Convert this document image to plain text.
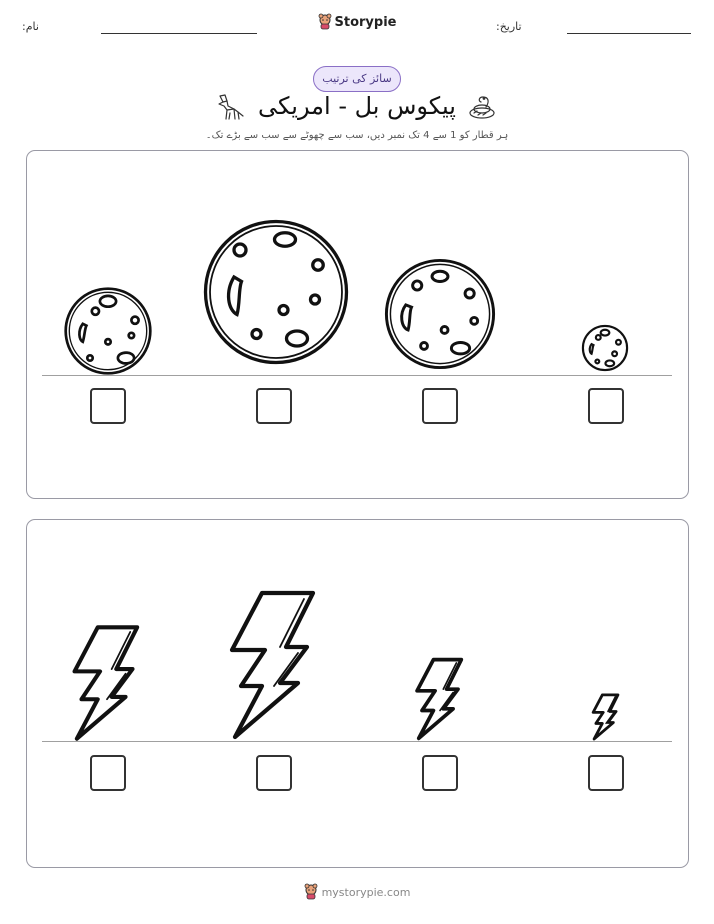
نام:	Storypie	تاریخ:
سائز کی ترتیب
پیکوس بل - امریکی
ہر قطار کو 1 سے 4 تک نمبر دیں، سب سے چھوٹے سے سب سے بڑے تک۔
mystorypie.com
